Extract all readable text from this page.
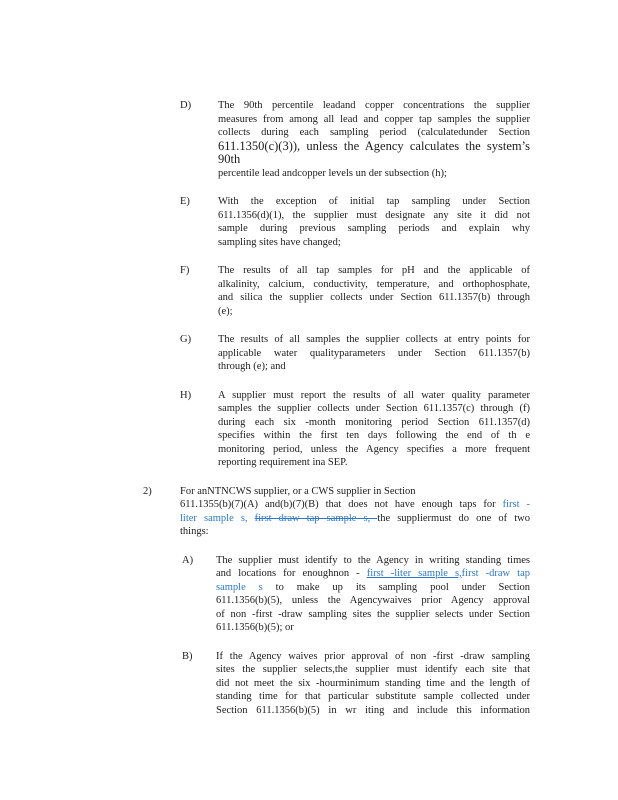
D)	The 90th percentile leadand copper concentrations the supplier
measures from among all lead and copper tap samples the supplier
collects during each sampling period (calculatedunder Section
611.1350(c)(3)), unless the Agency calculates the system’s 90th
percentile lead andcopper levels un der subsection (h);
E)	With the exception of initial tap sampling under Section
611.1356(d)(1), the supplier must designate any site it did not
sample during previous sampling periods and explain why
sampling sites have changed;
F)	The results of all tap samples for pH and the applicable of
alkalinity, calcium, conductivity, temperature, and orthophosphate,
and silica the supplier collects under Section 611.1357(b) through
(e);
G)	The results of all samples the supplier collects at entry points for
applicable water qualityparameters under Section 611.1357(b)
through (e); and
H)	A supplier must report the results of all water quality parameter
samples the supplier collects under Section 611.1357(c) through (f)
during each six -month monitoring period Section 611.1357(d)
specifies within the first ten days following the end of th e
monitoring period, unless the Agency specifies a more frequent
reporting requirement ina SEP.
2)	For anNTNCWS supplier, or a CWS supplier in Section
611.1355(b)(7)(A) and(b)(7)(B) that does not have enough taps for first -
liter sample s, first draw tap sample s, the suppliermust do one of two
things:
A)	The supplier must identify to the Agency in writing standing times
and locations for enoughnon - first -liter sample s,first -draw tap
sample s to make up its sampling pool under Section
611.1356(b)(5), unless the Agencywaives prior Agency approval
of non -first -draw sampling sites the supplier selects under Section
611.1356(b)(5); or
B)	If the Agency waives prior approval of non -first -draw sampling
sites the supplier selects,the supplier must identify each site that
did not meet the six -hourminimum standing time and the length of
standing time for that particular substitute sample collected under
Section 611.1356(b)(5) in wr iting and include this information
